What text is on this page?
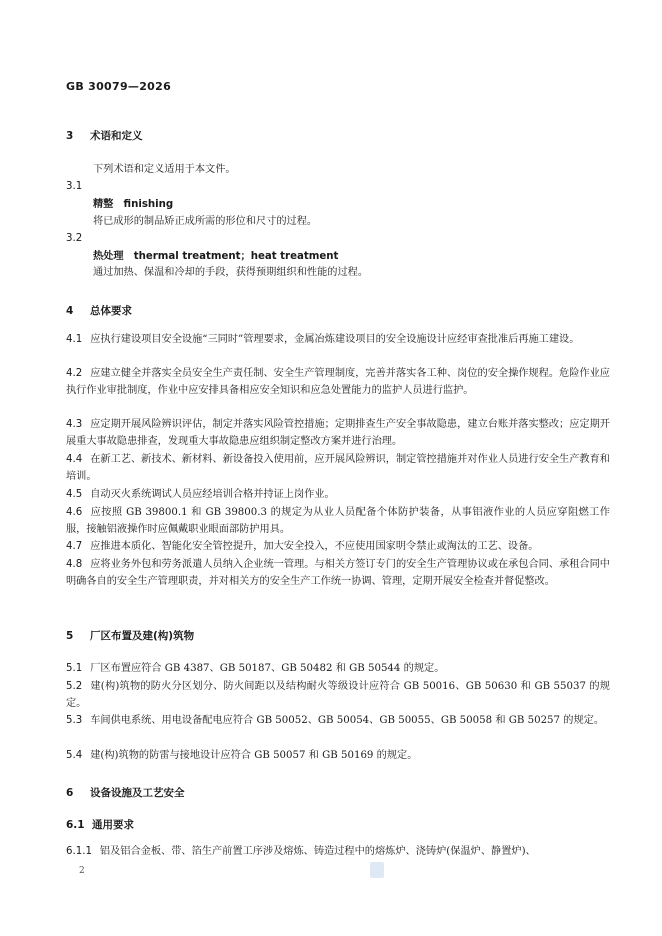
GB 30079—2026
3 术语和定义
下列术语和定义适用于本文件。
3.1
精整　finishing
将已成形的制品矫正成所需的形位和尺寸的过程。
3.2
热处理　thermal treatment；heat treatment
通过加热、保温和冷却的手段，获得预期组织和性能的过程。
4 总体要求
4.1 应执行建设项目安全设施“三同时”管理要求，金属冶炼建设项目的安全设施设计应经审查批准后再施工建设。
4.2 应建立健全并落实全员安全生产责任制、安全生产管理制度，完善并落实各工种、岗位的安全操作规程。危险作业应执行作业审批制度，作业中应安排具备相应安全知识和应急处置能力的监护人员进行监护。
4.3 应定期开展风险辨识评估，制定并落实风险管控措施；定期排查生产安全事故隐患，建立台账并落实整改；应定期开展重大事故隐患排查，发现重大事故隐患应组织制定整改方案并进行治理。
4.4 在新工艺、新技术、新材料、新设备投入使用前，应开展风险辨识，制定管控措施并对作业人员进行安全生产教育和培训。
4.5 自动灭火系统调试人员应经培训合格并持证上岗作业。
4.6 应按照 GB 39800.1 和 GB 39800.3 的规定为从业人员配备个体防护装备，从事铝液作业的人员应穿阻燃工作服，接触铝液操作时应佩戴职业眼面部防护用具。
4.7 应推进本质化、智能化安全管控提升，加大安全投入，不应使用国家明令禁止或淘汰的工艺、设备。
4.8 应将业务外包和劳务派遣人员纳入企业统一管理。与相关方签订专门的安全生产管理协议或在承包合同、承租合同中明确各自的安全生产管理职责，并对相关方的安全生产工作统一协调、管理，定期开展安全检查并督促整改。
5 厂区布置及建(构)筑物
5.1 厂区布置应符合 GB 4387、GB 50187、GB 50482 和 GB 50544 的规定。
5.2 建(构)筑物的防火分区划分、防火间距以及结构耐火等级设计应符合 GB 50016、GB 50630 和 GB 55037 的规定。
5.3 车间供电系统、用电设备配电应符合 GB 50052、GB 50054、GB 50055、GB 50058 和 GB 50257 的规定。
5.4 建(构)筑物的防雷与接地设计应符合 GB 50057 和 GB 50169 的规定。
6 设备设施及工艺安全
6.1 通用要求
6.1.1 铝及铝合金板、带、箔生产前置工序涉及熔炼、铸造过程中的熔炼炉、浇铸炉(保温炉、静置炉)、
2
